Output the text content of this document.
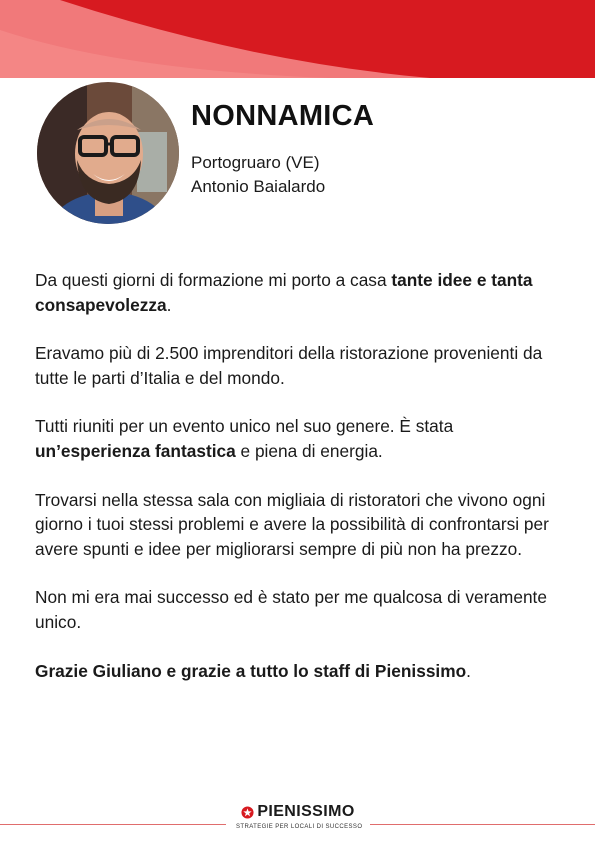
NONNAMICA
Portogruaro (VE)
Antonio Baialardo

Da questi giorni di formazione mi porto a casa tante idee e tanta consapevolezza.

Eravamo più di 2.500 imprenditori della ristorazione provenienti da tutte le parti d’Italia e del mondo.

Tutti riuniti per un evento unico nel suo genere. È stata un’esperienza fantastica e piena di energia.

Trovarsi nella stessa sala con migliaia di ristoratori che vivono ogni giorno i tuoi stessi problemi e avere la possibilità di confrontarsi per avere spunti e idee per migliorarsi sempre di più non ha prezzo.

Non mi era mai successo ed è stato per me qualcosa di veramente unico.

Grazie Giuliano e grazie a tutto lo staff di Pienissimo.

PIENISSIMO
STRATEGIE PER LOCALI DI SUCCESSO
